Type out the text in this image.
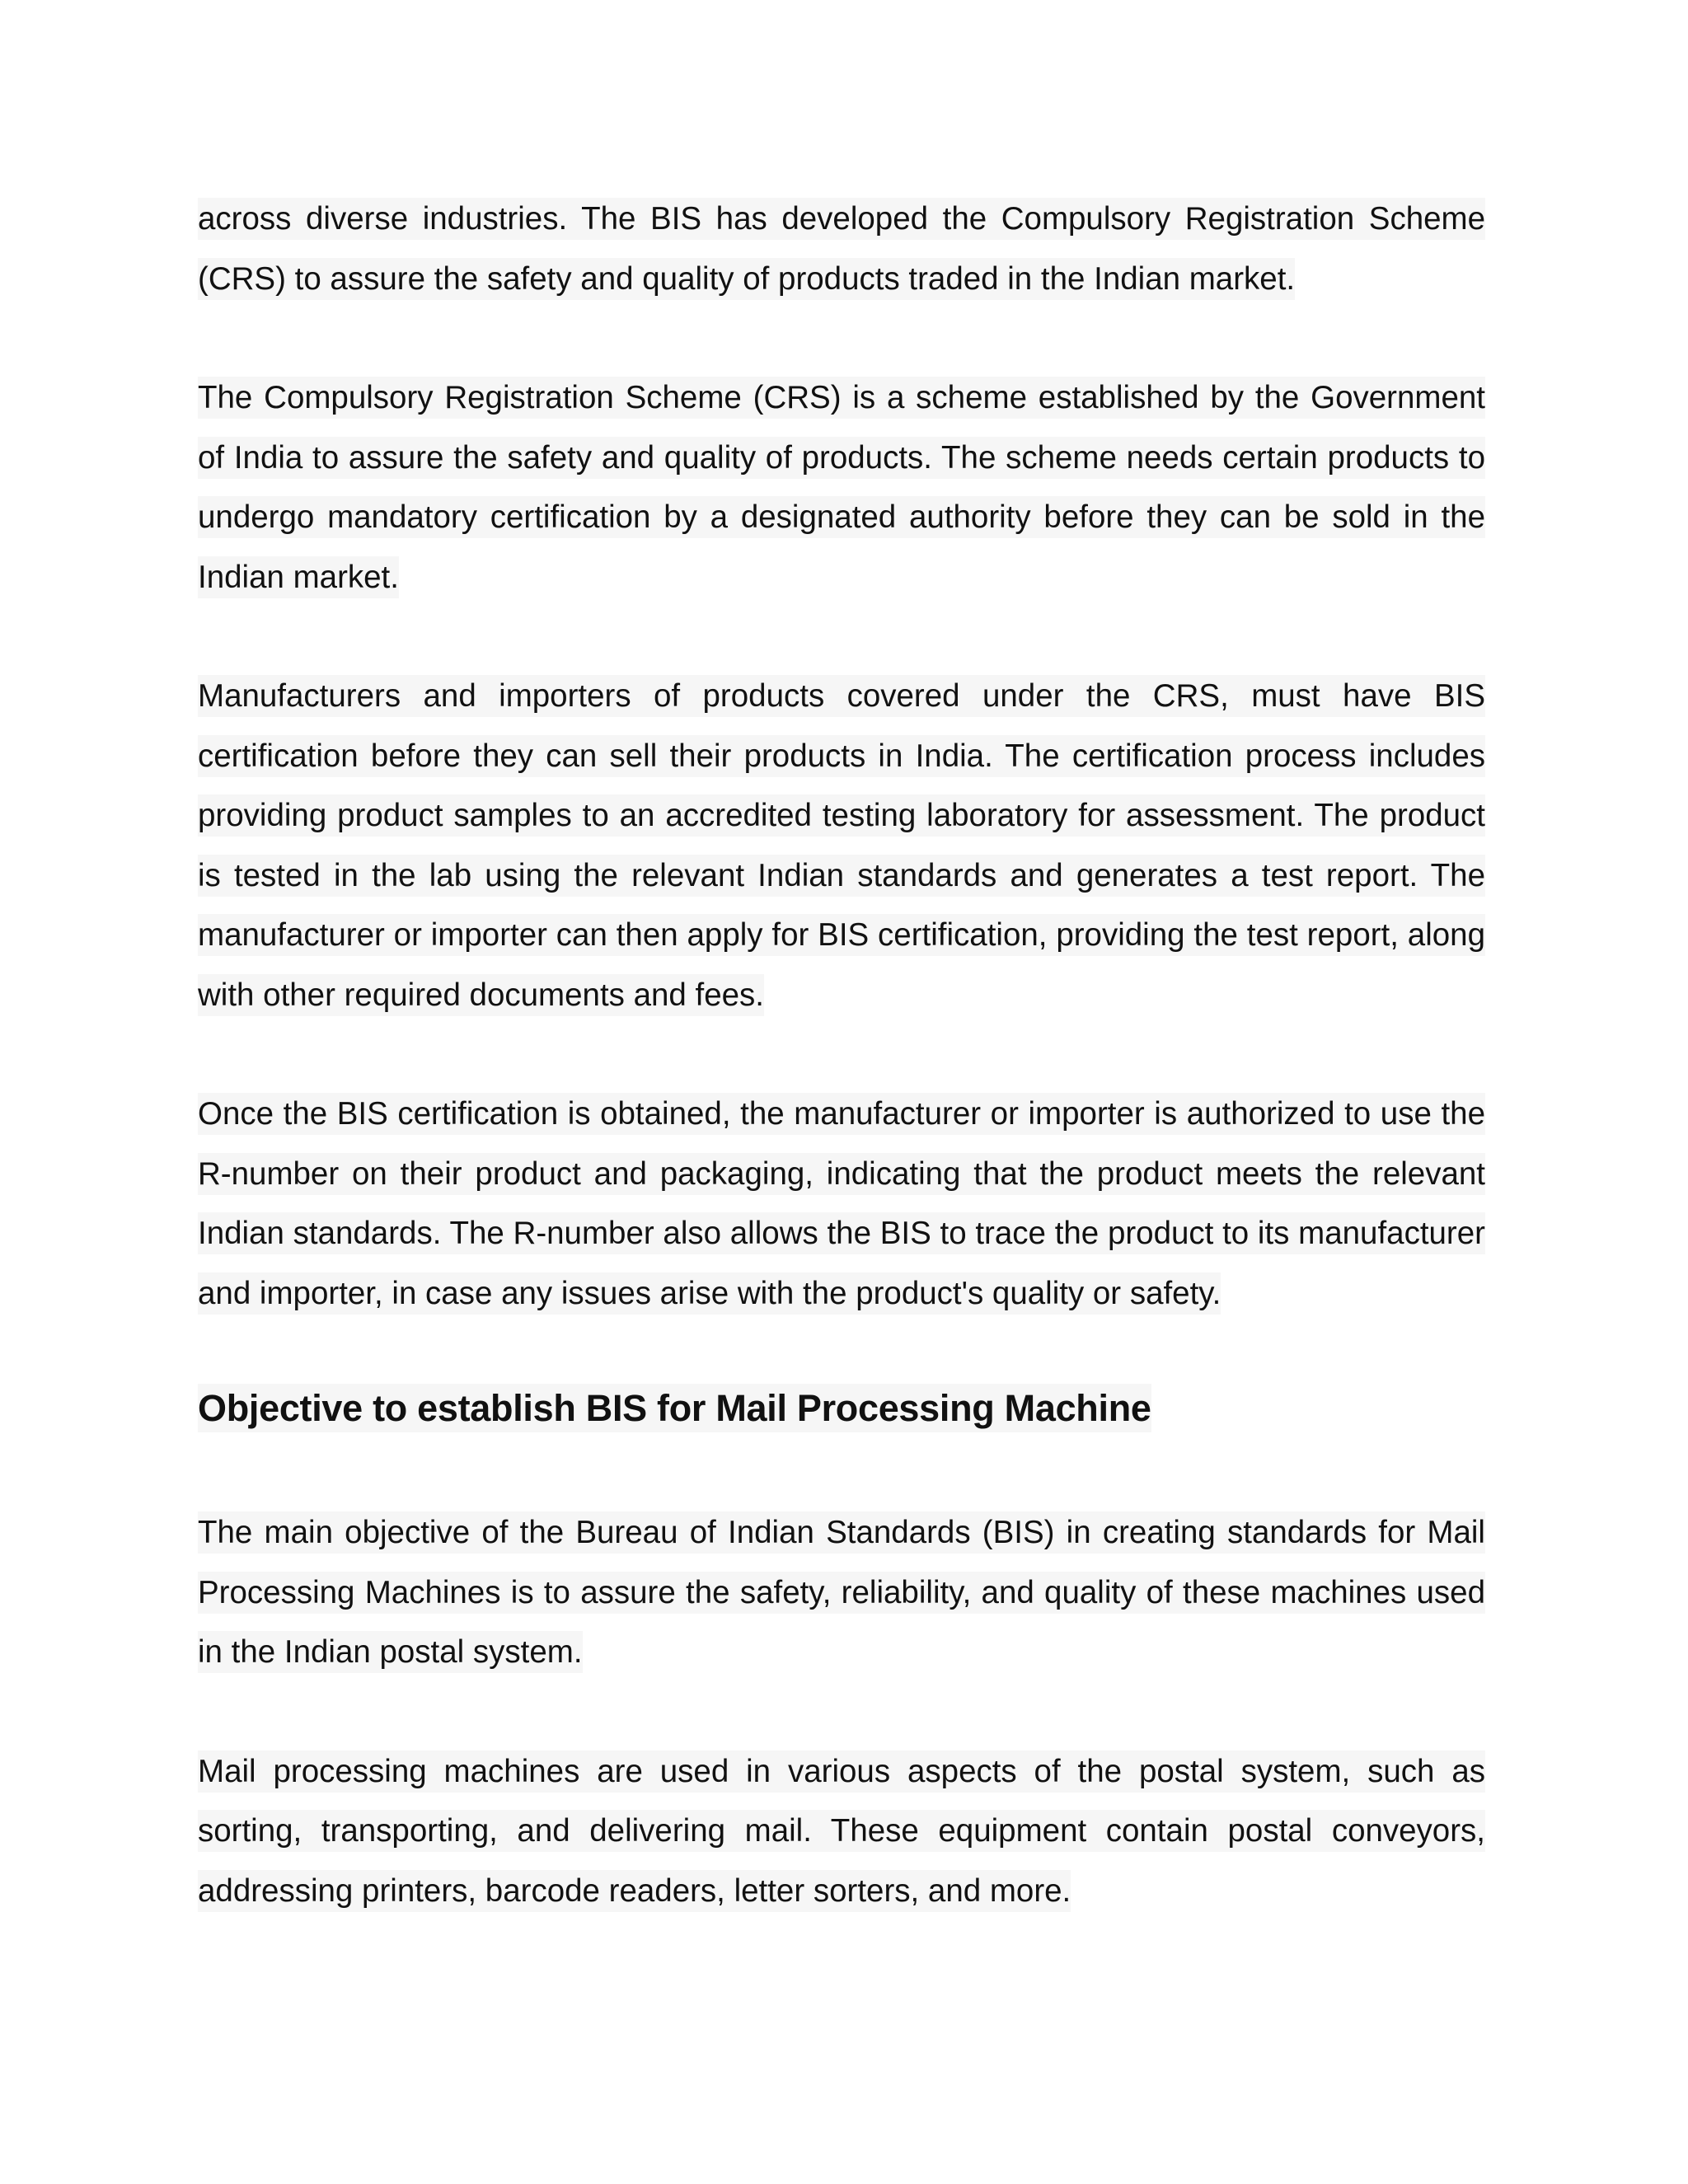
across diverse industries. The BIS has developed the Compulsory Registration Scheme (CRS) to assure the safety and quality of products traded in the Indian market.

The Compulsory Registration Scheme (CRS) is a scheme established by the Government of India to assure the safety and quality of products. The scheme needs certain products to undergo mandatory certification by a designated authority before they can be sold in the Indian market.

Manufacturers and importers of products covered under the CRS, must have BIS certification before they can sell their products in India. The certification process includes providing product samples to an accredited testing laboratory for assessment. The product is tested in the lab using the relevant Indian standards and generates a test report. The manufacturer or importer can then apply for BIS certification, providing the test report, along with other required documents and fees.

Once the BIS certification is obtained, the manufacturer or importer is authorized to use the R-number on their product and packaging, indicating that the product meets the relevant Indian standards. The R-number also allows the BIS to trace the product to its manufacturer and importer, in case any issues arise with the product's quality or safety.

Objective to establish BIS for Mail Processing Machine

The main objective of the Bureau of Indian Standards (BIS) in creating standards for Mail Processing Machines is to assure the safety, reliability, and quality of these machines used in the Indian postal system.

Mail processing machines are used in various aspects of the postal system, such as sorting, transporting, and delivering mail. These equipment contain postal conveyors, addressing printers, barcode readers, letter sorters, and more.
